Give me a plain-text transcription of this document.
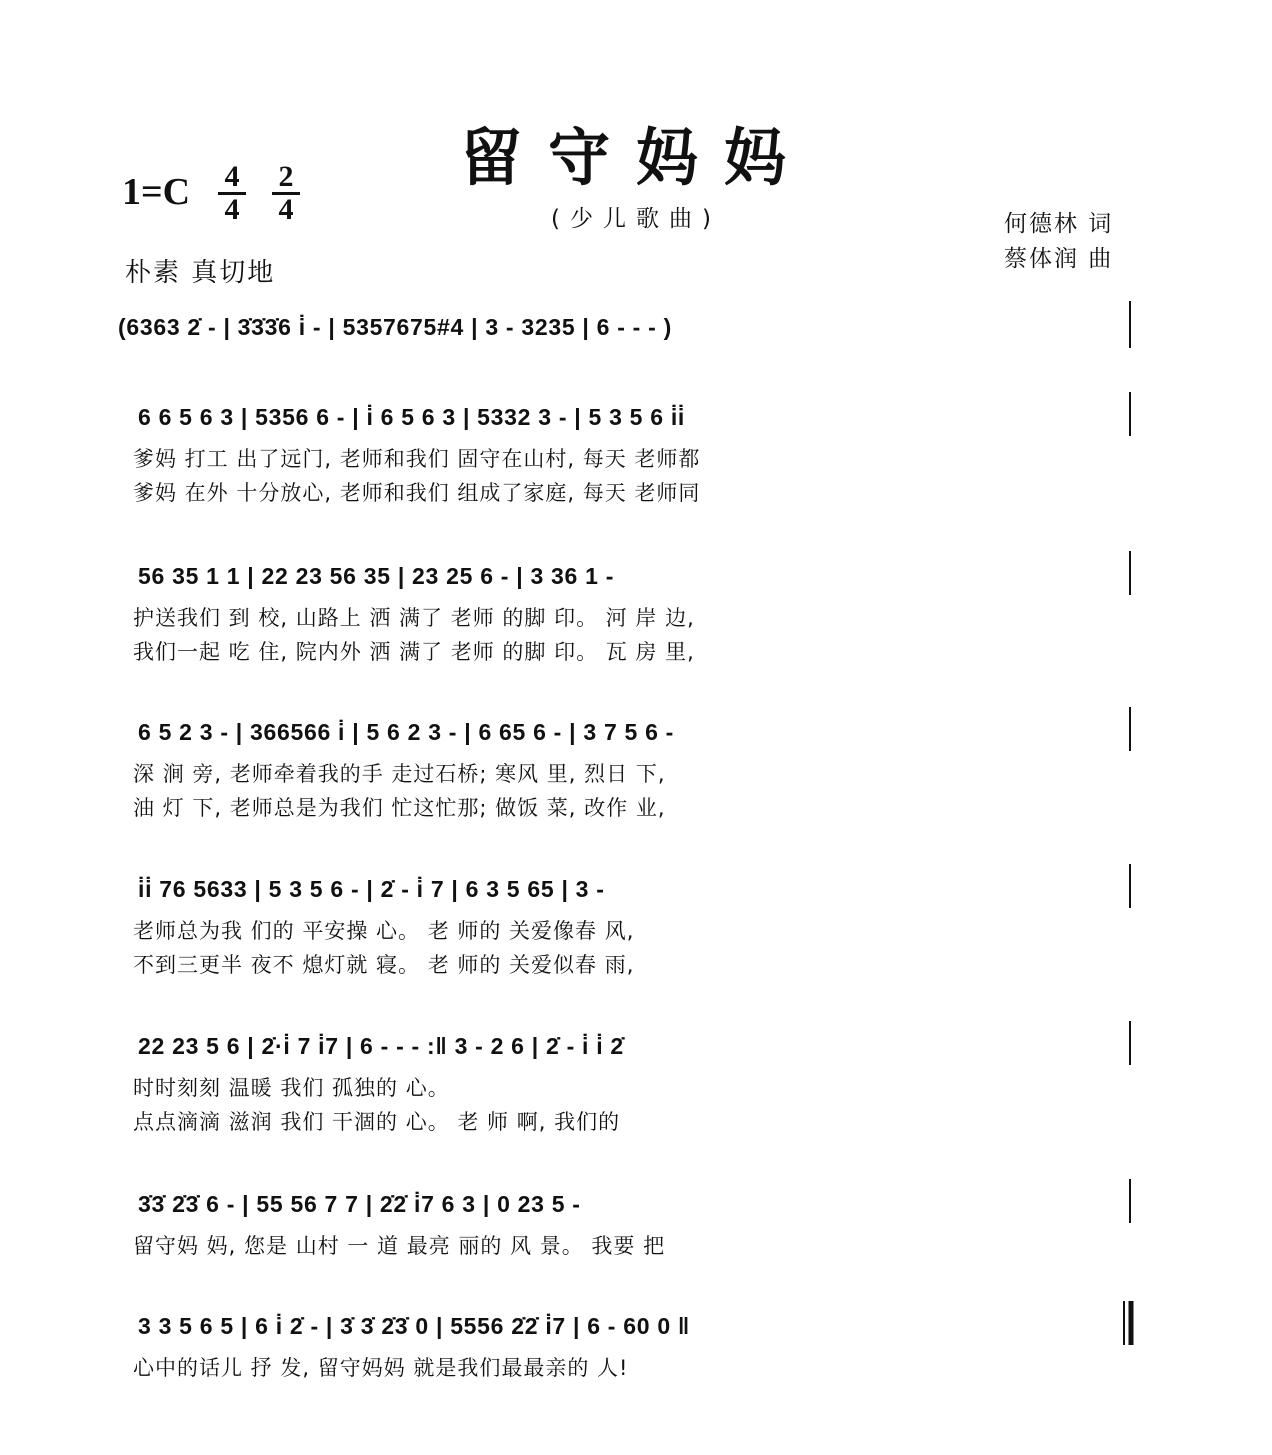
留守妈妈
(少儿歌曲)
$1=C \frac{4}{4} \frac{2}{4}$
朴素 真切地
何德林 词
蔡体润 曲
(6363 2̇ - | 3̇3̇3̇6 i̇ - | 5357675#4 | 3 - 3235 | 6 - - - )
6 6 5 6 3 | 5356 6 - | i̇ 6 5 6 3 | 5332 3 - | 5 3 5 6 i̇i̇
爹妈 打工 出了远门, 老师和我们 固守在山村, 每天 老师都
爹妈 在外 十分放心, 老师和我们 组成了家庭, 每天 老师同
56 35 1 1 | 22 23 56 35 | 23 25 6 - | 3 36 1 -
护送我们 到 校, 山路上 洒 满了 老师 的脚 印。 河 岸 边,
我们一起 吃 住, 院内外 洒 满了 老师 的脚 印。 瓦 房 里,
6 5 2 3 - | 366566 i̇ | 5 6 2 3 - | 6 65 6 - | 3 7 5 6 -
深 涧 旁, 老师牵着我的手 走过石桥; 寒风 里, 烈日 下,
油 灯 下, 老师总是为我们 忙这忙那; 做饭 菜, 改作 业,
i̇i̇ 76 5633 | 5 3 5 6 - | 2̇ - i̇ 7 | 6 3 5 65 | 3 -
老师总为我 们的 平安操 心。 老 师的 关爱像春 风,
不到三更半 夜不 熄灯就 寝。 老 师的 关爱似春 雨,
22 23 5 6 | 2̇·i̇ 7 i̇7 | 6 - - - :‖ 3 - 2 6 | 2̇ - i̇ i̇ 2̇
时时刻刻 温暖 我们 孤独的 心。
点点滴滴 滋润 我们 干涸的 心。 老 师 啊, 我们的
3̇3̇ 2̇3̇ 6 - | 55 56 7 7 | 2̇2̇ i̇7 6 3 | 0 23 5 -
留守妈 妈, 您是 山村 一 道 最亮 丽的 风 景。 我要 把
3 3 5 6 5 | 6 i̇ 2̇ - | 3̇ 3̇ 2̇3̇ 0 | 5556 2̇2̇ i̇7 | 6 - 60 0 ‖
心中的话儿 抒 发, 留守妈妈 就是我们最最亲的 人!
